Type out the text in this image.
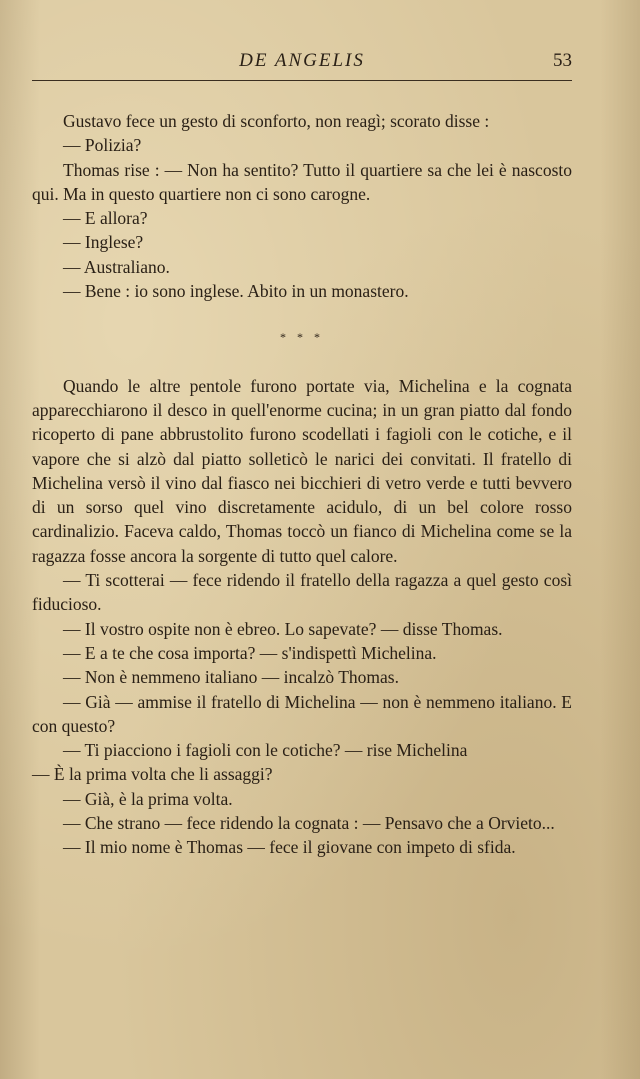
DE ANGELIS	53

Gustavo fece un gesto di sconforto, non reagì; scorato disse :

— Polizia?

Thomas rise : — Non ha sentito? Tutto il quartiere sa che lei è nascosto qui. Ma in questo quartiere non ci sono carogne.

— E allora?

— Inglese?

— Australiano.

— Bene : io sono inglese. Abito in un monastero.

* * *

Quando le altre pentole furono portate via, Michelina e la cognata apparecchiarono il desco in quell'enorme cucina; in un gran piatto dal fondo ricoperto di pane abbrustolito furono scodellati i fagioli con le cotiche, e il vapore che si alzò dal piatto solleticò le narici dei convitati. Il fratello di Michelina versò il vino dal fiasco nei bicchieri di vetro verde e tutti bevvero di un sorso quel vino discretamente acidulo, di un bel colore rosso cardinalizio. Faceva caldo, Thomas toccò un fianco di Michelina come se la ragazza fosse ancora la sorgente di tutto quel calore.

— Ti scotterai — fece ridendo il fratello della ragazza a quel gesto così fiducioso.

— Il vostro ospite non è ebreo. Lo sapevate? — disse Thomas.

— E a te che cosa importa? — s'indispettì Michelina.

— Non è nemmeno italiano — incalzò Thomas.

— Già — ammise il fratello di Michelina — non è nemmeno italiano. E con questo?

— Ti piacciono i fagioli con le cotiche? — rise Michelina

— È la prima volta che li assaggi?

— Già, è la prima volta.

— Che strano — fece ridendo la cognata : — Pensavo che a Orvieto...

— Il mio nome è Thomas — fece il giovane con impeto di sfida.
